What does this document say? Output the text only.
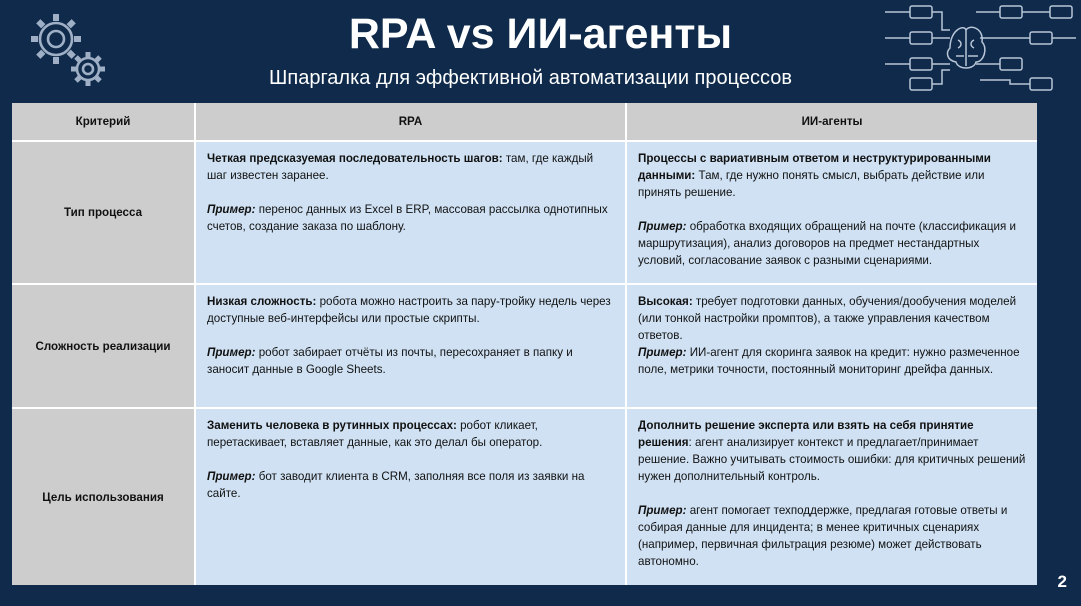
RPA vs ИИ-агенты
Шпаргалка для эффективной автоматизации процессов
Критерий	RPA	ИИ-агенты
Тип процесса

Четкая предсказуемая последовательность шагов: там, где каждый шаг известен заранее.

Пример: перенос данных из Excel в ERP, массовая рассылка однотипных счетов, создание заказа по шаблону.

Процессы с вариативным ответом и неструктурированными данными: Там, где нужно понять смысл, выбрать действие или принять решение.

Пример: обработка входящих обращений на почте (классификация и маршрутизация), анализ договоров на предмет нестандартных условий, согласование заявок с разными сценариями.

Сложность реализации

Низкая сложность: робота можно настроить за пару-тройку недель через доступные веб-интерфейсы или простые скрипты.

Пример: робот забирает отчёты из почты, пересохраняет в папку и заносит данные в Google Sheets.

Высокая: требует подготовки данных, обучения/дообучения моделей (или тонкой настройки промптов), а также управления качеством ответов.

Пример: ИИ-агент для скоринга заявок на кредит: нужно размеченное поле, метрики точности, постоянный мониторинг дрейфа данных.

Цель использования

Заменить человека в рутинных процессах: робот кликает, перетаскивает, вставляет данные, как это делал бы оператор.

Пример: бот заводит клиента в CRM, заполняя все поля из заявки на сайте.

Дополнить решение эксперта или взять на себя принятие решения: агент анализирует контекст и предлагает/принимает решение. Важно учитывать стоимость ошибки: для критичных решений нужен дополнительный контроль.

Пример: агент помогает техподдержке, предлагая готовые ответы и собирая данные для инцидента; в менее критичных сценариях (например, первичная фильтрация резюме) может действовать автономно.

2
